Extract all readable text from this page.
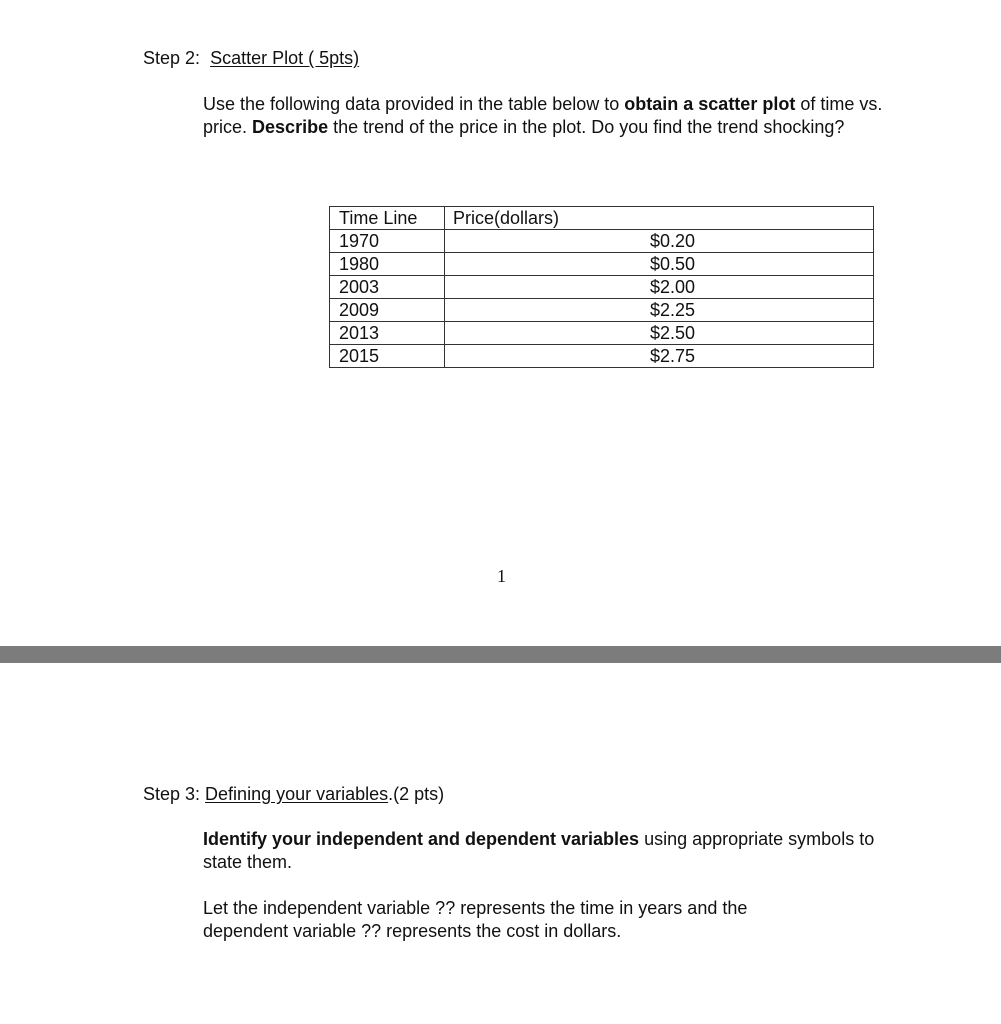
Step 2: Scatter Plot ( 5pts)
Use the following data provided in the table below to obtain a scatter plot of time vs. price. Describe the trend of the price in the plot. Do you find the trend shocking?
Time Line	Price(dollars)
1970	$0.20
1980	$0.50
2003	$2.00
2009	$2.25
2013	$2.50
2015	$2.75
1
Step 3: Defining your variables.(2 pts)
Identify your independent and dependent variables using appropriate symbols to state them.
Let the independent variable ?? represents the time in years and the dependent variable ?? represents the cost in dollars.
